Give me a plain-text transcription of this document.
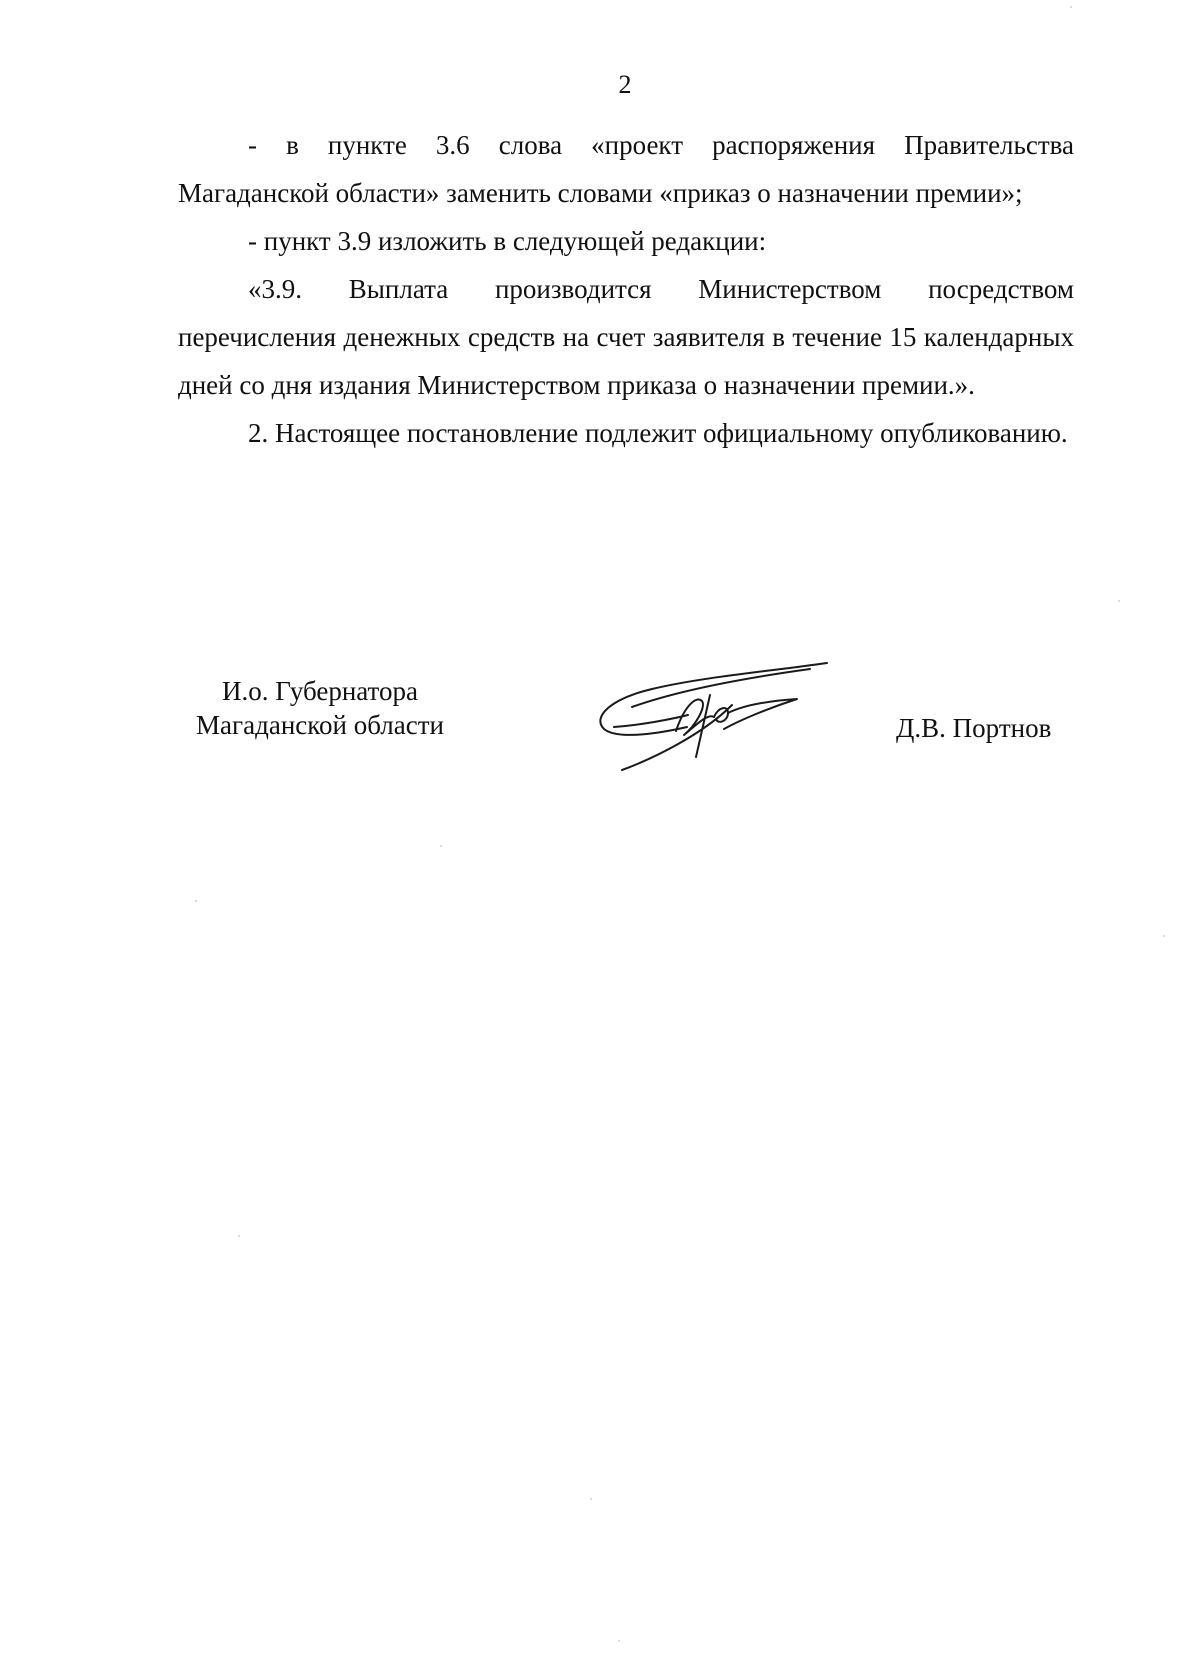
2

- в пункте 3.6 слова «проект распоряжения Правительства Магаданской области» заменить словами «приказ о назначении премии»;

- пункт 3.9 изложить в следующей редакции:

«3.9. Выплата производится Министерством посредством перечисления денежных средств на счет заявителя в течение 15 календарных дней со дня издания Министерством приказа о назначении премии.».

2. Настоящее постановление подлежит официальному опубликованию.

И.о. Губернатора
Магаданской области	Д.В. Портнов
